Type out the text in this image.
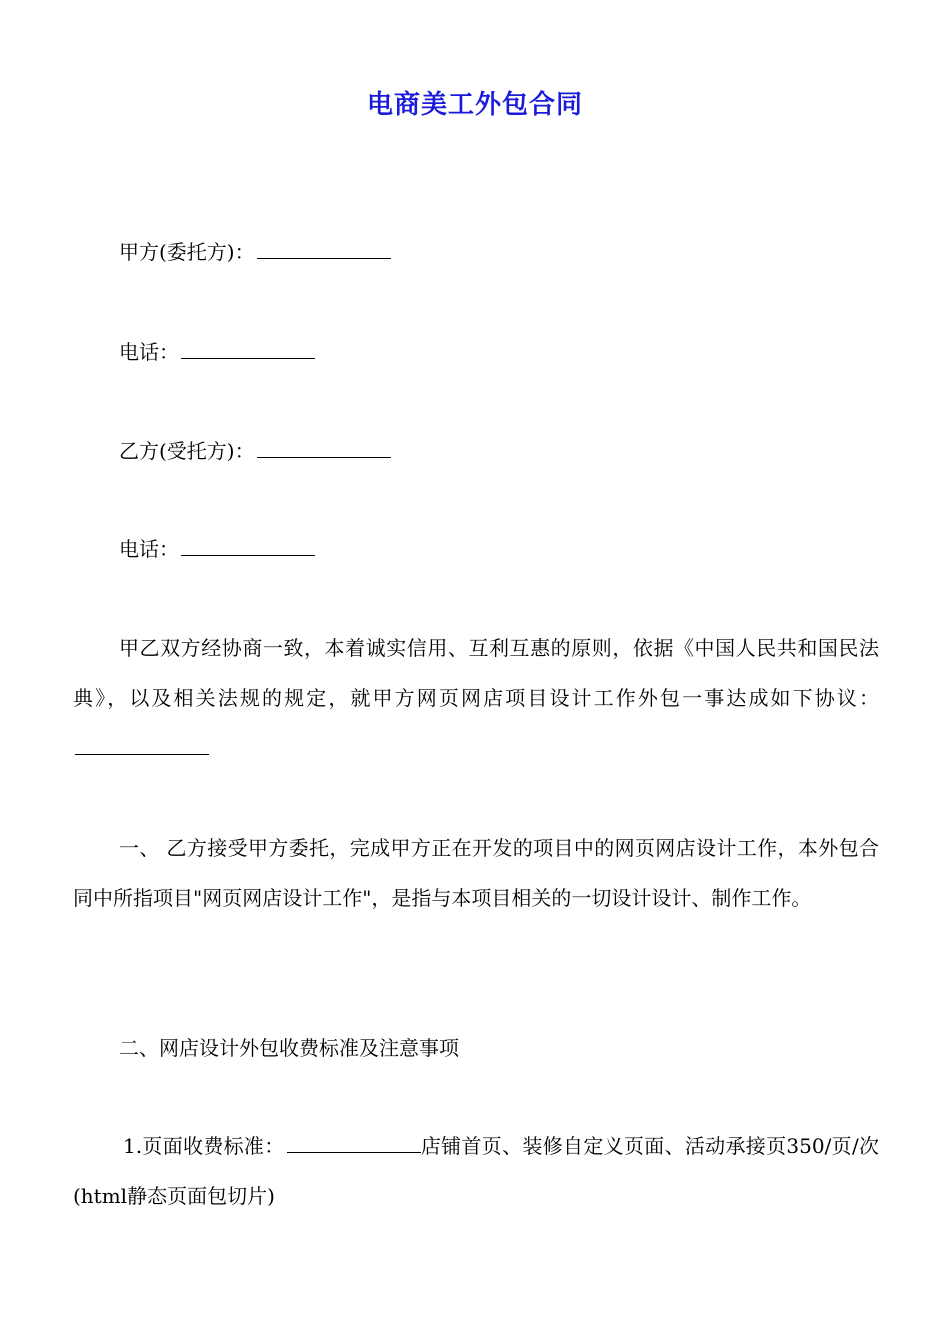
电商美工外包合同
甲方(委托方)：
电话：
乙方(受托方)：
电话：
甲乙双方经协商一致，本着诚实信用、互利互惠的原则，依据《中国人民共和国民法典》，以及相关法规的规定，就甲方网页网店项目设计工作外包一事达成如下协议：
一、 乙方接受甲方委托，完成甲方正在开发的项目中的网页网店设计工作，本外包合同中所指项目"网页网店设计工作"，是指与本项目相关的一切设计设计、制作工作。
二、网店设计外包收费标准及注意事项
1.页面收费标准：	店铺首页、装修自定义页面、活动承接页350/页/次(html静态页面包切片)
